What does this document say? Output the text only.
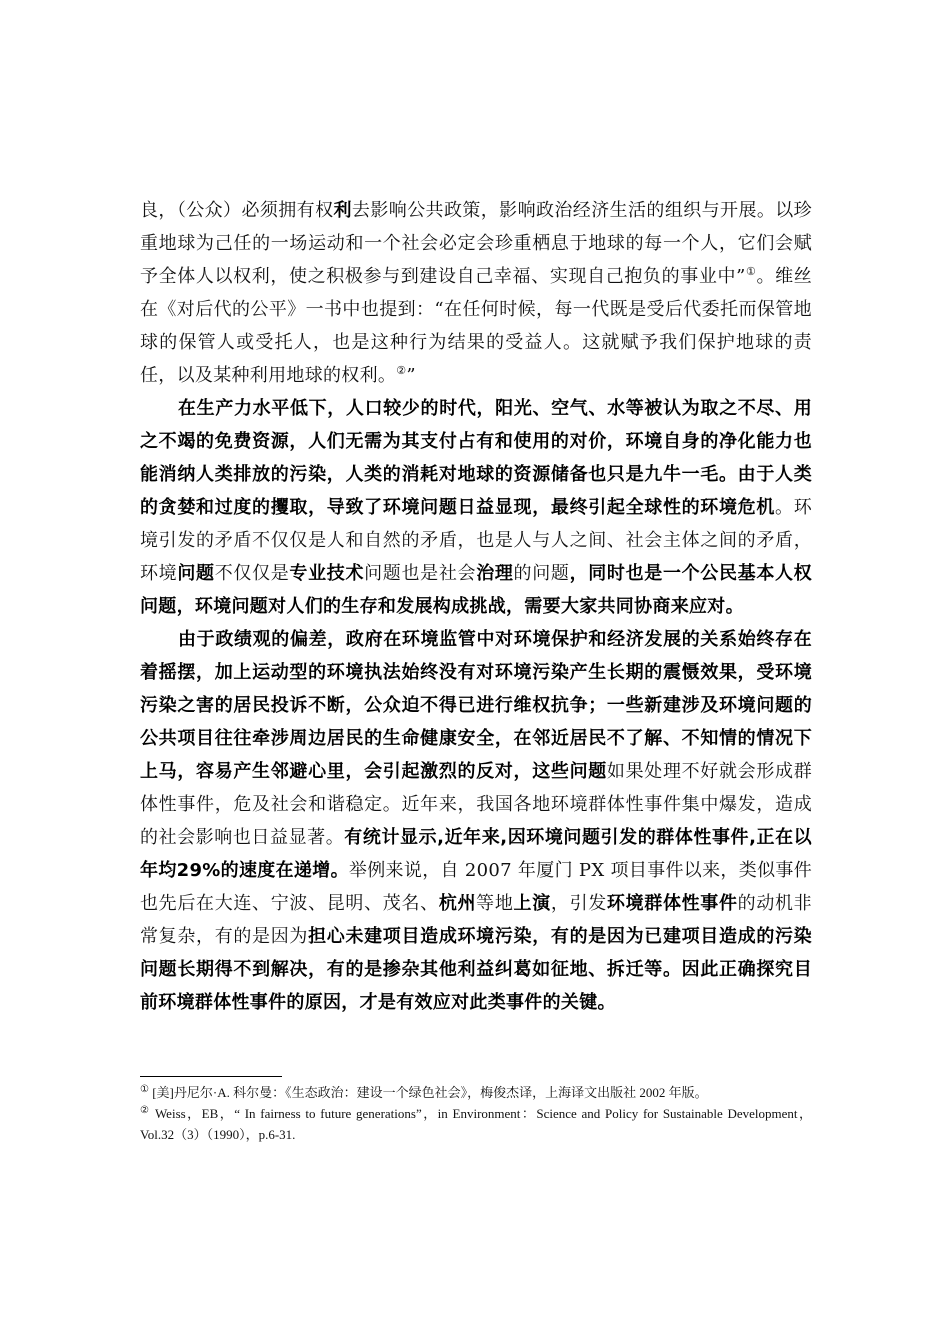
良，（公众）必须拥有权利去影响公共政策，影响政治经济生活的组织与开展。以珍重地球为己任的一场运动和一个社会必定会珍重栖息于地球的每一个人，它们会赋予全体人以权利，使之积极参与到建设自己幸福、实现自己抱负的事业中”①。维丝在《对后代的公平》一书中也提到：“在任何时候，每一代既是受后代委托而保管地球的保管人或受托人，也是这种行为结果的受益人。这就赋予我们保护地球的责任，以及某种利用地球的权利。②”

在生产力水平低下，人口较少的时代，阳光、空气、水等被认为取之不尽、用之不竭的免费资源，人们无需为其支付占有和使用的对价，环境自身的净化能力也能消纳人类排放的污染，人类的消耗对地球的资源储备也只是九牛一毛。由于人类的贪婪和过度的攫取，导致了环境问题日益显现，最终引起全球性的环境危机。环境引发的矛盾不仅仅是人和自然的矛盾，也是人与人之间、社会主体之间的矛盾，环境问题不仅仅是专业技术问题也是社会治理的问题，同时也是一个公民基本人权问题，环境问题对人们的生存和发展构成挑战，需要大家共同协商来应对。

由于政绩观的偏差，政府在环境监管中对环境保护和经济发展的关系始终存在着摇摆，加上运动型的环境执法始终没有对环境污染产生长期的震慑效果，受环境污染之害的居民投诉不断，公众迫不得已进行维权抗争；一些新建涉及环境问题的公共项目往往牵涉周边居民的生命健康安全，在邻近居民不了解、不知情的情况下上马，容易产生邻避心里，会引起激烈的反对，这些问题如果处理不好就会形成群体性事件，危及社会和谐稳定。近年来，我国各地环境群体性事件集中爆发，造成的社会影响也日益显著。有统计显示,近年来,因环境问题引发的群体性事件,正在以年均29%的速度在递增。举例来说，自 2007 年厦门 PX 项目事件以来，类似事件也先后在大连、宁波、昆明、茂名、杭州等地上演，引发环境群体性事件的动机非常复杂，有的是因为担心未建项目造成环境污染，有的是因为已建项目造成的污染问题长期得不到解决，有的是掺杂其他利益纠葛如征地、拆迁等。因此正确探究目前环境群体性事件的原因，才是有效应对此类事件的关键。

① [美]丹尼尔·A. 科尔曼：《生态政治：建设一个绿色社会》，梅俊杰译，上海译文出版社 2002 年版。

② Weiss，EB，“ In fairness to future generations”，in Environment：Science and Policy for Sustainable Development，Vol.32（3）（1990），p.6-31.
